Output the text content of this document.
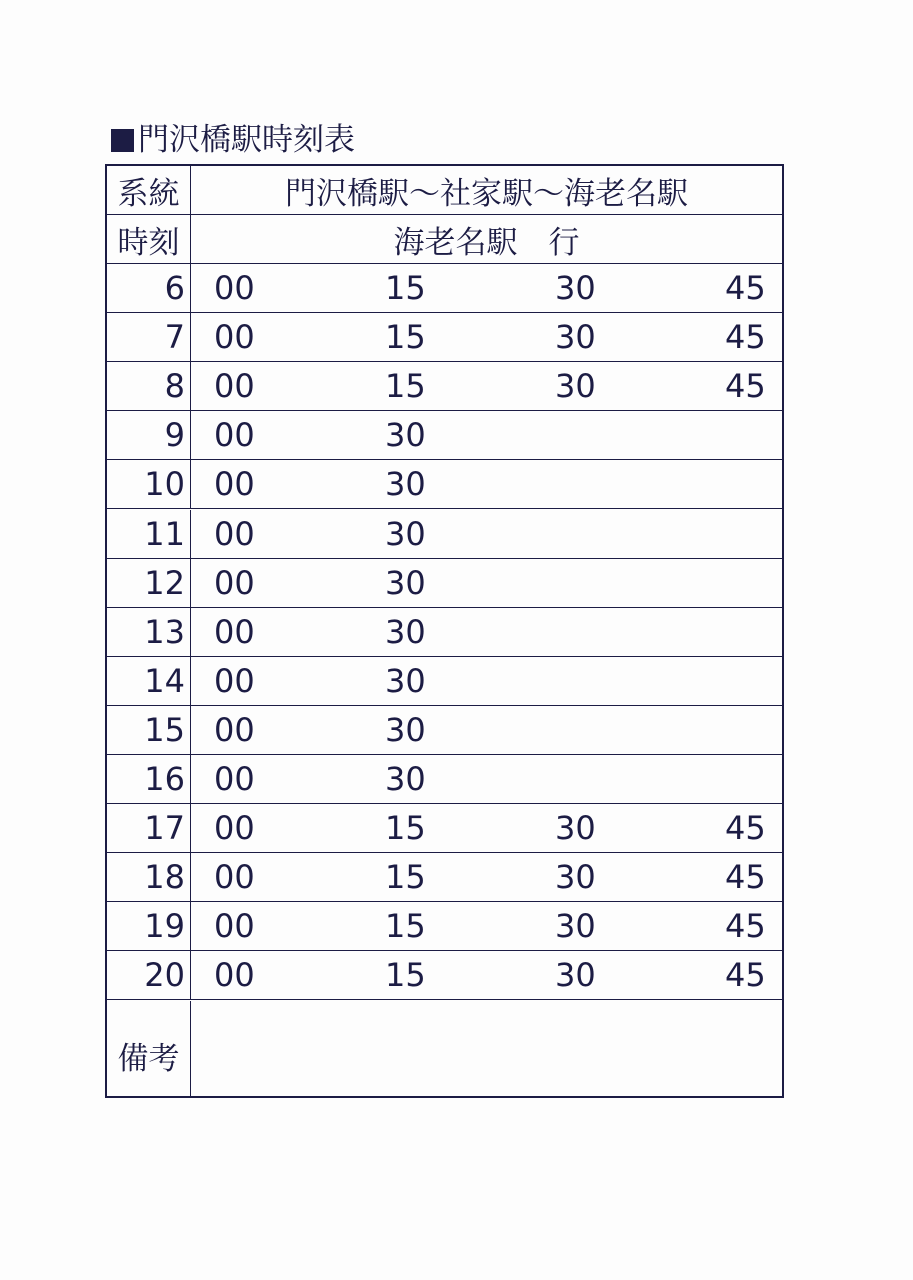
門沢橋駅時刻表
系統	門沢橋駅～社家駅～海老名駅
時刻	海老名駅　行
6 00	15	30	45
7 00	15	30	45
8 00	15	30	45
9 00	30
10 00	30
11 00	30
12 00	30
13 00	30
14 00	30
15 00	30
16 00	30
17 00	15	30	45
18 00	15	30	45
19 00	15	30	45
20 00	15	30	45
備考
